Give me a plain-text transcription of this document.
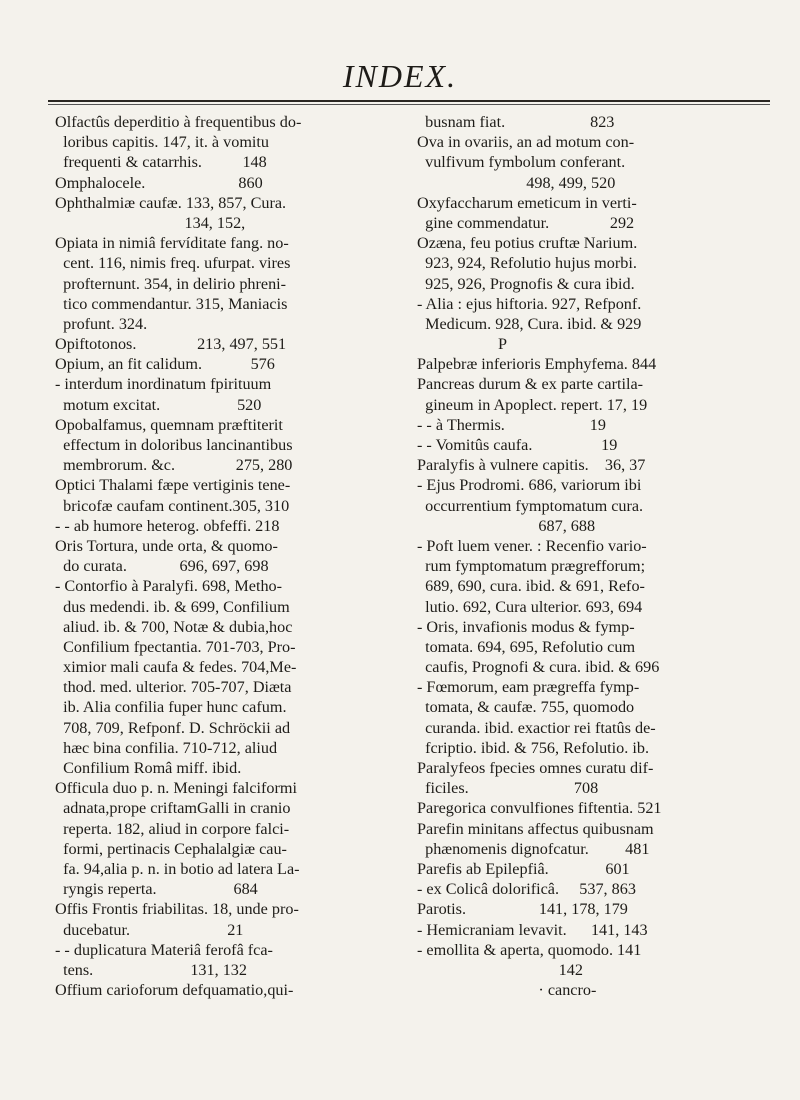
INDEX.
Olfactûs deperditio à frequentibus do-
loribus capitis. 147, it. à vomitu
frequenti & catarrhis.          148
Omphalocele.                       860
Ophthalmiæ caufæ. 133, 857, Cura.
134, 152,
Opiata in nimiâ fervíditate fang. no-
cent. 116, nimis freq. ufurpat. vires
profternunt. 354, in delirio phreni-
tico commendantur. 315, Maniacis
profunt. 324.
Opiftotonos.               213, 497, 551
Opium, an fit calidum.            576
- interdum inordinatum fpirituum
motum excitat.                   520
Opobalfamus, quemnam præftiterit
effectum in doloribus lancinantibus
membrorum. &c.               275, 280
Optici Thalami fæpe vertiginis tene-
bricofæ caufam continent.305, 310
- - ab humore heterog. obfeffi. 218
Oris Tortura, unde orta, & quomo-
do curata.             696, 697, 698
- Contorfio à Paralyfi. 698, Metho-
dus medendi. ib. & 699, Confilium
aliud. ib. & 700, Notæ & dubia,hoc
Confilium fpectantia. 701-703, Pro-
ximior mali caufa & fedes. 704,Me-
thod. med. ulterior. 705-707, Diæta
ib. Alia confilia fuper hunc cafum.
708, 709, Refponf. D. Schröckii ad
hæc bina confilia. 710-712, aliud
Confilium Româ miff. ibid.
Officula duo p. n. Meningi falciformi
adnata,prope criftamGalli in cranio
reperta. 182, aliud in corpore falci-
formi, pertinacis Cephalalgiæ cau-
fa. 94,alia p. n. in botio ad latera La-
ryngis reperta.                   684
Offis Frontis friabilitas. 18, unde pro-
ducebatur.                        21
- - duplicatura Materiâ ferofâ fca-
tens.                        131, 132
Offium carioforum defquamatio,qui-
busnam fiat.                     823
Ova in ovariis, an ad motum con-
vulfivum fymbolum conferant.
498, 499, 520
Oxyfaccharum emeticum in verti-
gine commendatur.               292
Ozæna, feu potius cruftæ Narium.
923, 924, Refolutio hujus morbi.
925, 926, Prognofis & cura ibid.
- Alia : ejus hiftoria. 927, Refponf.
Medicum. 928, Cura. ibid. & 929
P
Palpebræ inferioris Emphyfema. 844
Pancreas durum & ex parte cartila-
gineum in Apoplect. repert. 17, 19
- - à Thermis.                     19
- - Vomitûs caufa.                 19
Paralyfis à vulnere capitis.    36, 37
- Ejus Prodromi. 686, variorum ibi
occurrentium fymptomatum cura.
687, 688
- Poft luem vener. : Recenfio vario-
rum fymptomatum prægrefforum;
689, 690, cura. ibid. & 691, Refo-
lutio. 692, Cura ulterior. 693, 694
- Oris, invafionis modus & fymp-
tomata. 694, 695, Refolutio cum
caufis, Prognofi & cura. ibid. & 696
- Fœmorum, eam prægreffa fymp-
tomata, & caufæ. 755, quomodo
curanda. ibid. exactior rei ftatûs de-
fcriptio. ibid. & 756, Refolutio. ib.
Paralyfeos fpecies omnes curatu dif-
ficiles.                          708
Paregorica convulfiones fiftentia. 521
Parefin minitans affectus quibusnam
phænomenis dignofcatur.         481
Parefis ab Epilepfiâ.              601
- ex Colicâ dolorificâ.     537, 863
Parotis.                  141, 178, 179
- Hemicraniam levavit.      141, 143
- emollita & aperta, quomodo. 141
142
· cancro-
